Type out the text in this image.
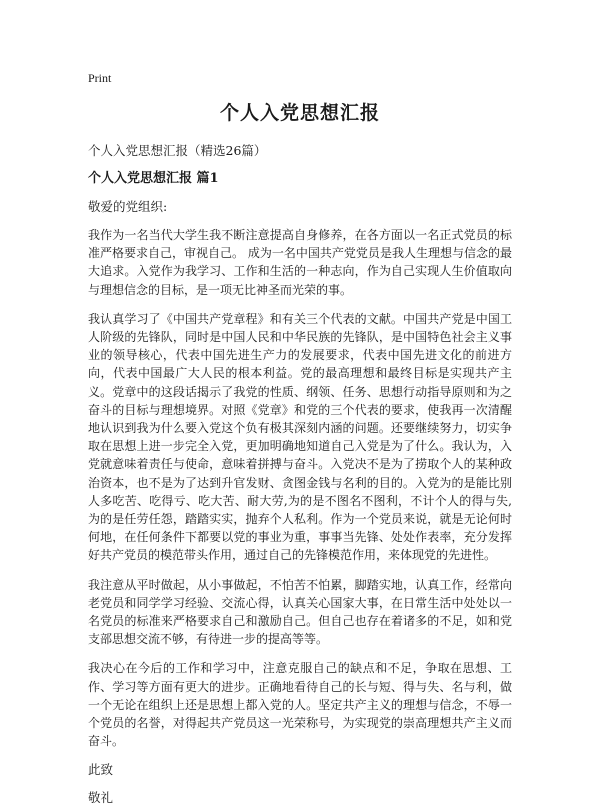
Print
个人入党思想汇报
个人入党思想汇报（精选26篇）
个人入党思想汇报 篇1
敬爱的党组织:

我作为一名当代大学生我不断注意提高自身修养，在各方面以一名正式党员的标准严格要求自己，审视自己。 成为一名中国共产党党员是我人生理想与信念的最大追求。入党作为我学习、工作和生活的一种志向，作为自己实现人生价值取向与理想信念的目标，是一项无比神圣而光荣的事。

我认真学习了《中国共产党章程》和有关三个代表的文献。中国共产党是中国工人阶级的先锋队，同时是中国人民和中华民族的先锋队，是中国特色社会主义事业的领导核心，代表中国先进生产力的发展要求，代表中国先进文化的前进方向，代表中国最广大人民的根本利益。党的最高理想和最终目标是实现共产主义。党章中的这段话揭示了我党的性质、纲领、任务、思想行动指导原则和为之奋斗的目标与理想境界。对照《党章》和党的三个代表的要求，使我再一次清醒地认识到我为什么要入党这个负有极其深刻内涵的问题。还要继续努力，切实争取在思想上进一步完全入党，更加明确地知道自己入党是为了什么。我认为，入党就意味着责任与使命，意味着拼搏与奋斗。入党决不是为了捞取个人的某种政治资本，也不是为了达到升官发财、贪图金钱与名利的目的。入党为的是能比别人多吃苦、吃得亏、吃大苦、耐大劳,为的是不图名不图利，不计个人的得与失,为的是任劳任怨，踏踏实实，抛弃个人私利。作为一个党员来说，就是无论何时何地，在任何条件下都要以党的事业为重，事事当先锋、处处作表率，充分发挥好共产党员的模范带头作用，通过自己的先锋模范作用，来体现党的先进性。

我注意从平时做起，从小事做起，不怕苦不怕累，脚踏实地，认真工作，经常向老党员和同学学习经验、交流心得，认真关心国家大事，在日常生活中处处以一名党员的标准来严格要求自己和激励自己。但自己也存在着诸多的不足，如和党支部思想交流不够，有待进一步的提高等等。

我决心在今后的工作和学习中，注意克服自己的缺点和不足，争取在思想、工作、学习等方面有更大的进步。正确地看待自己的长与短、得与失、名与利，做一个无论在组织上还是思想上都入党的人。坚定共产主义的理想与信念，不辱一个党员的名誉，对得起共产党员这一光荣称号，为实现党的崇高理想共产主义而奋斗。

此致
敬礼
